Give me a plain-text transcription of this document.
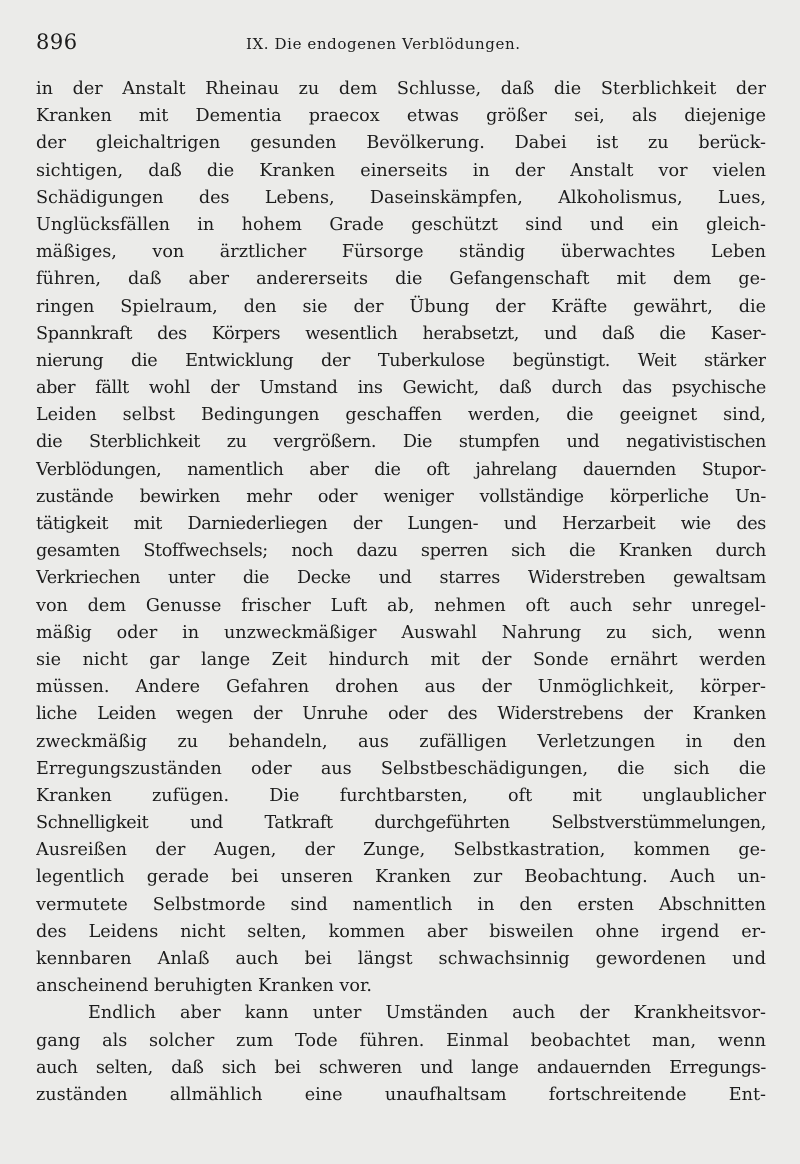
896	IX. Die endogenen Verblödungen.
in der Anstalt Rheinau zu dem Schlusse, daß die Sterblichkeit der
Kranken mit Dementia praecox etwas größer sei, als diejenige
der gleichaltrigen gesunden Bevölkerung. Dabei ist zu berück-
sichtigen, daß die Kranken einerseits in der Anstalt vor vielen
Schädigungen des Lebens, Daseinskämpfen, Alkoholismus, Lues,
Unglücksfällen in hohem Grade geschützt sind und ein gleich-
mäßiges, von ärztlicher Fürsorge ständig überwachtes Leben
führen, daß aber andererseits die Gefangenschaft mit dem ge-
ringen Spielraum, den sie der Übung der Kräfte gewährt, die
Spannkraft des Körpers wesentlich herabsetzt, und daß die Kaser-
nierung die Entwicklung der Tuberkulose begünstigt. Weit stärker
aber fällt wohl der Umstand ins Gewicht, daß durch das psychische
Leiden selbst Bedingungen geschaffen werden, die geeignet sind,
die Sterblichkeit zu vergrößern. Die stumpfen und negativistischen
Verblödungen, namentlich aber die oft jahrelang dauernden Stupor-
zustände bewirken mehr oder weniger vollständige körperliche Un-
tätigkeit mit Darniederliegen der Lungen- und Herzarbeit wie des
gesamten Stoffwechsels; noch dazu sperren sich die Kranken durch
Verkriechen unter die Decke und starres Widerstreben gewaltsam
von dem Genusse frischer Luft ab, nehmen oft auch sehr unregel-
mäßig oder in unzweckmäßiger Auswahl Nahrung zu sich, wenn
sie nicht gar lange Zeit hindurch mit der Sonde ernährt werden
müssen. Andere Gefahren drohen aus der Unmöglichkeit, körper-
liche Leiden wegen der Unruhe oder des Widerstrebens der Kranken
zweckmäßig zu behandeln, aus zufälligen Verletzungen in den
Erregungszuständen oder aus Selbstbeschädigungen, die sich die
Kranken zufügen. Die furchtbarsten, oft mit unglaublicher
Schnelligkeit und Tatkraft durchgeführten Selbstverstümmelungen,
Ausreißen der Augen, der Zunge, Selbstkastration, kommen ge-
legentlich gerade bei unseren Kranken zur Beobachtung. Auch un-
vermutete Selbstmorde sind namentlich in den ersten Abschnitten
des Leidens nicht selten, kommen aber bisweilen ohne irgend er-
kennbaren Anlaß auch bei längst schwachsinnig gewordenen und
anscheinend beruhigten Kranken vor.
Endlich aber kann unter Umständen auch der Krankheitsvor-
gang als solcher zum Tode führen. Einmal beobachtet man, wenn
auch selten, daß sich bei schweren und lange andauernden Erregungs-
zuständen allmählich eine unaufhaltsam fortschreitende Ent-
